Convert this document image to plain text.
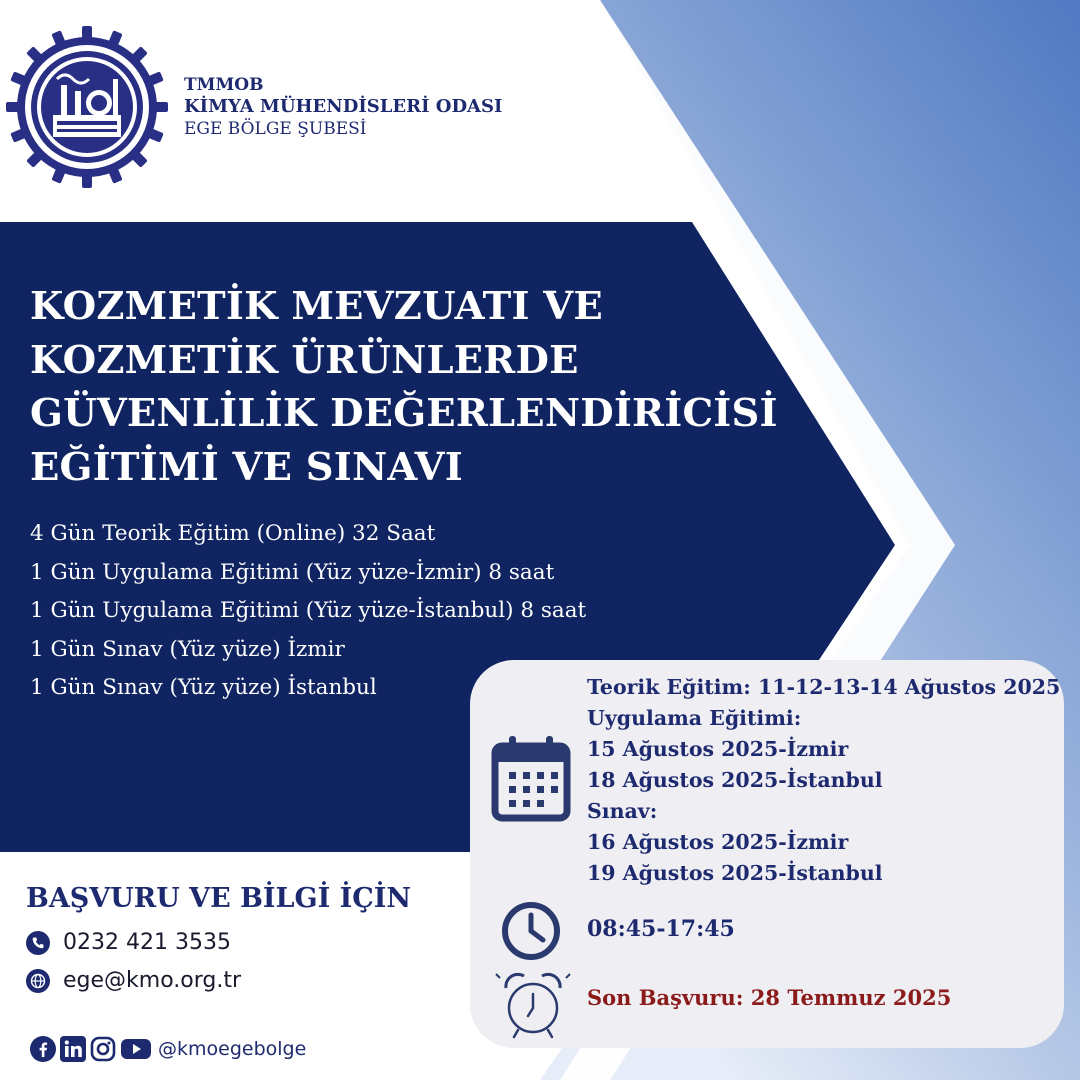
TMMOB
KİMYA MÜHENDİSLERİ ODASI
EGE BÖLGE ŞUBESİ
KOZMETİK MEVZUATI VE
KOZMETİK ÜRÜNLERDE
GÜVENLİLİK DEĞERLENDİRİCİSİ
EĞİTİMİ VE SINAVI
4 Gün Teorik Eğitim (Online) 32 Saat
1 Gün Uygulama Eğitimi (Yüz yüze-İzmir) 8 saat
1 Gün Uygulama Eğitimi (Yüz yüze-İstanbul) 8 saat
1 Gün Sınav (Yüz yüze) İzmir
1 Gün Sınav (Yüz yüze) İstanbul	Teorik Eğitim: 11-12-13-14 Ağustos 2025
Uygulama Eğitimi:
15 Ağustos 2025-İzmir
18 Ağustos 2025-İstanbul
Sınav:
16 Ağustos 2025-İzmir
19 Ağustos 2025-İstanbul
08:45-17:45
Son Başvuru: 28 Temmuz 2025
BAŞVURU VE BİLGİ İÇİN
0232 421 3535
ege@kmo.org.tr
@kmoegebolge
